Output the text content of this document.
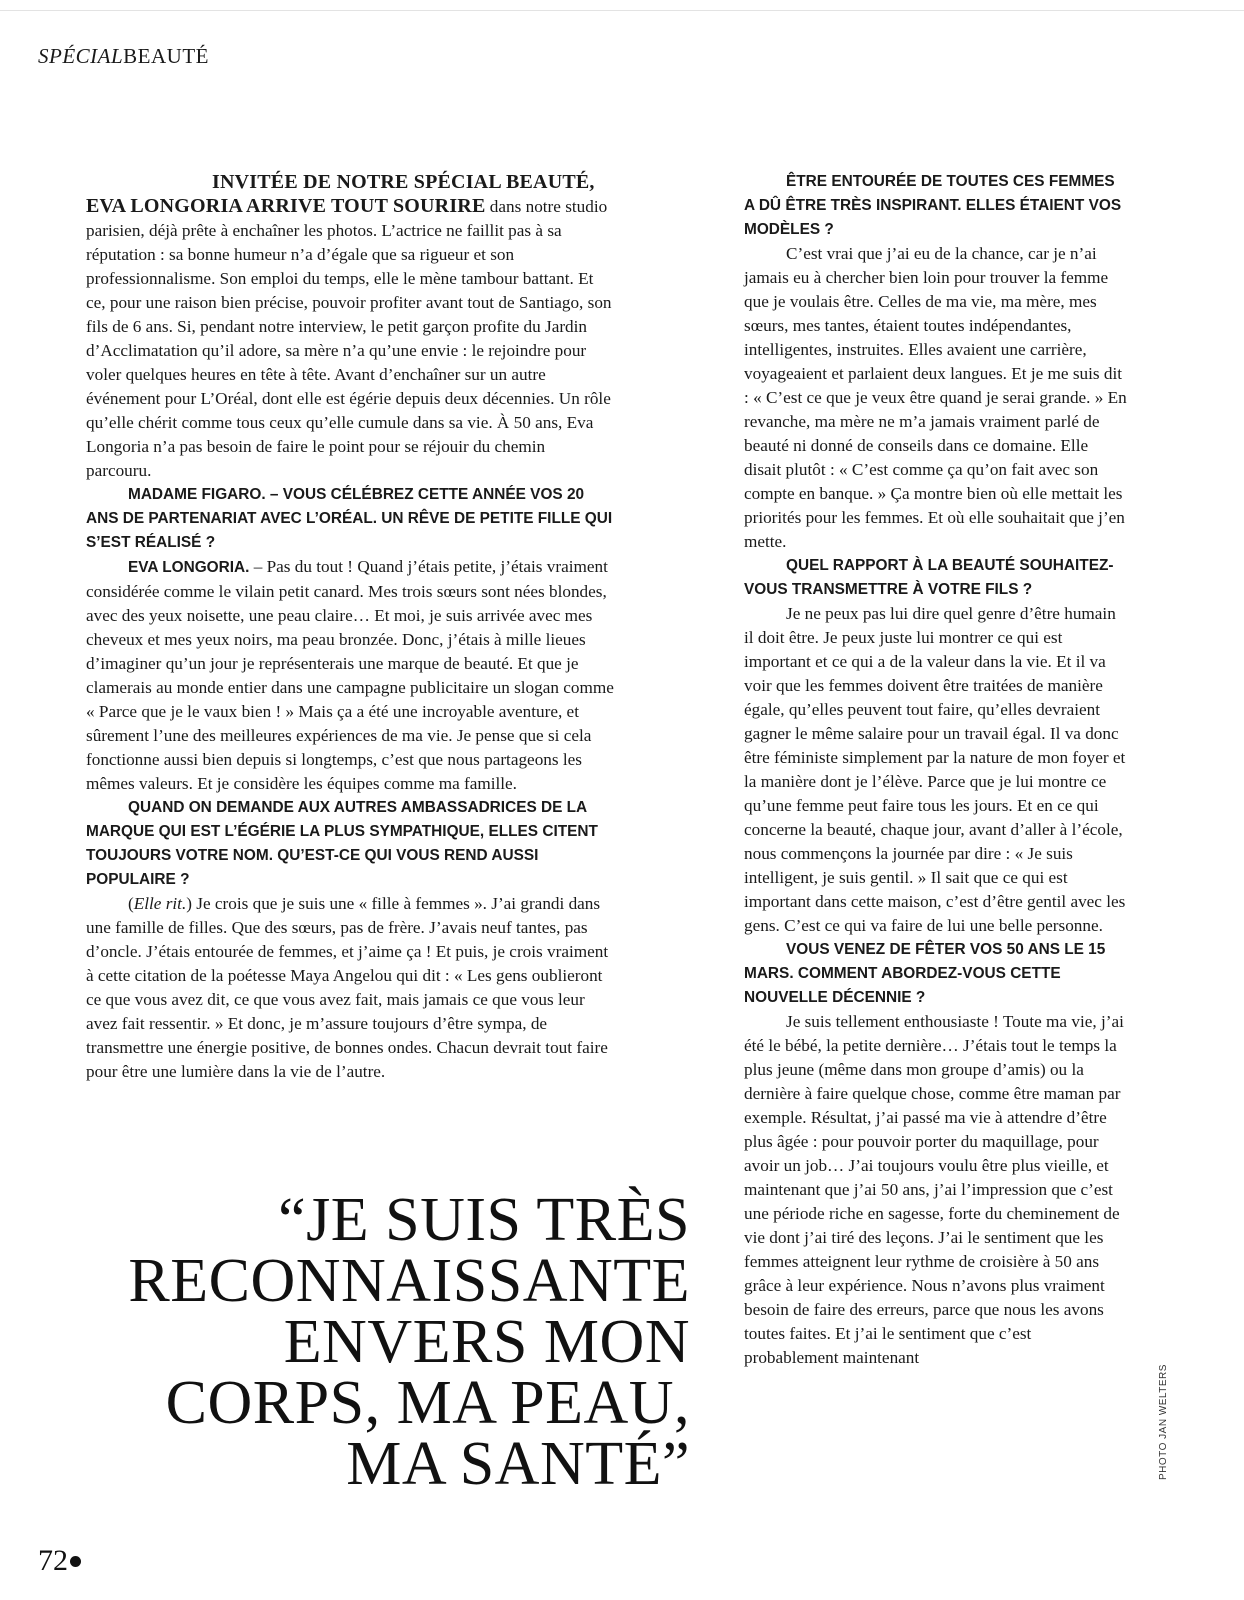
SPÉCIALBEAUTÉ

INVITÉE DE NOTRE SPÉCIAL BEAUTÉ,
EVA LONGORIA ARRIVE TOUT SOURIRE dans notre studio parisien, déjà prête à enchaîner les photos. L’actrice ne faillit pas à sa réputation : sa bonne humeur n’a d’égale que sa rigueur et son professionnalisme. Son emploi du temps, elle le mène tambour battant. Et ce, pour une raison bien précise, pouvoir profiter avant tout de Santiago, son fils de 6 ans. Si, pendant notre interview, le petit garçon profite du Jardin d’Acclimatation qu’il adore, sa mère n’a qu’une envie : le rejoindre pour voler quelques heures en tête à tête. Avant d’enchaîner sur un autre événement pour L’Oréal, dont elle est égérie depuis deux décennies. Un rôle qu’elle chérit comme tous ceux qu’elle cumule dans sa vie. À 50 ans, Eva Longoria n’a pas besoin de faire le point pour se réjouir du chemin parcouru.

MADAME FIGARO. – VOUS CÉLÉBREZ CETTE ANNÉE VOS 20 ANS DE PARTENARIAT AVEC L’ORÉAL. UN RÊVE DE PETITE FILLE QUI S’EST RÉALISÉ ?

EVA LONGORIA. – Pas du tout ! Quand j’étais petite, j’étais vraiment considérée comme le vilain petit canard. Mes trois sœurs sont nées blondes, avec des yeux noisette, une peau claire… Et moi, je suis arrivée avec mes cheveux et mes yeux noirs, ma peau bronzée. Donc, j’étais à mille lieues d’imaginer qu’un jour je représenterais une marque de beauté. Et que je clamerais au monde entier dans une campagne publicitaire un slogan comme « Parce que je le vaux bien ! » Mais ça a été une incroyable aventure, et sûrement l’une des meilleures expériences de ma vie. Je pense que si cela fonctionne aussi bien depuis si longtemps, c’est que nous partageons les mêmes valeurs. Et je considère les équipes comme ma famille.

QUAND ON DEMANDE AUX AUTRES AMBASSADRICES DE LA MARQUE QUI EST L’ÉGÉRIE LA PLUS SYMPATHIQUE, ELLES CITENT TOUJOURS VOTRE NOM. QU’EST-CE QUI VOUS REND AUSSI POPULAIRE ?

(Elle rit.) Je crois que je suis une « fille à femmes ». J’ai grandi dans une famille de filles. Que des sœurs, pas de frère. J’avais neuf tantes, pas d’oncle. J’étais entourée de femmes, et j’aime ça ! Et puis, je crois vraiment à cette citation de la poétesse Maya Angelou qui dit : « Les gens oublieront ce que vous avez dit, ce que vous avez fait, mais jamais ce que vous leur avez fait ressentir. » Et donc, je m’assure toujours d’être sympa, de transmettre une énergie positive, de bonnes ondes. Chacun devrait tout faire pour être une lumière dans la vie de l’autre.

“JE SUIS TRÈS
RECONNAISSANTE
ENVERS MON
CORPS, MA PEAU,
MA SANTÉ”

ÊTRE ENTOURÉE DE TOUTES CES FEMMES A DÛ ÊTRE TRÈS INSPIRANT. ELLES ÉTAIENT VOS MODÈLES ?

C’est vrai que j’ai eu de la chance, car je n’ai jamais eu à chercher bien loin pour trouver la femme que je voulais être. Celles de ma vie, ma mère, mes sœurs, mes tantes, étaient toutes indépendantes, intelligentes, instruites. Elles avaient une carrière, voyageaient et parlaient deux langues. Et je me suis dit : « C’est ce que je veux être quand je serai grande. » En revanche, ma mère ne m’a jamais vraiment parlé de beauté ni donné de conseils dans ce domaine. Elle disait plutôt : « C’est comme ça qu’on fait avec son compte en banque. » Ça montre bien où elle mettait les priorités pour les femmes. Et où elle souhaitait que j’en mette.

QUEL RAPPORT À LA BEAUTÉ SOUHAITEZ-VOUS TRANSMETTRE À VOTRE FILS ?

Je ne peux pas lui dire quel genre d’être humain il doit être. Je peux juste lui montrer ce qui est important et ce qui a de la valeur dans la vie. Et il va voir que les femmes doivent être traitées de manière égale, qu’elles peuvent tout faire, qu’elles devraient gagner le même salaire pour un travail égal. Il va donc être féministe simplement par la nature de mon foyer et la manière dont je l’élève. Parce que je lui montre ce qu’une femme peut faire tous les jours. Et en ce qui concerne la beauté, chaque jour, avant d’aller à l’école, nous commençons la journée par dire : « Je suis intelligent, je suis gentil. » Il sait que ce qui est important dans cette maison, c’est d’être gentil avec les gens. C’est ce qui va faire de lui une belle personne.

VOUS VENEZ DE FÊTER VOS 50 ANS LE 15 MARS. COMMENT ABORDEZ-VOUS CETTE NOUVELLE DÉCENNIE ?

Je suis tellement enthousiaste ! Toute ma vie, j’ai été le bébé, la petite dernière… J’étais tout le temps la plus jeune (même dans mon groupe d’amis) ou la dernière à faire quelque chose, comme être maman par exemple. Résultat, j’ai passé ma vie à attendre d’être plus âgée : pour pouvoir porter du maquillage, pour avoir un job… J’ai toujours voulu être plus vieille, et maintenant que j’ai 50 ans, j’ai l’impression que c’est une période riche en sagesse, forte du cheminement de vie dont j’ai tiré des leçons. J’ai le sentiment que les femmes atteignent leur rythme de croisière à 50 ans grâce à leur expérience. Nous n’avons plus vraiment besoin de faire des erreurs, parce que nous les avons toutes faites. Et j’ai le sentiment que c’est probablement maintenant

PHOTO JAN WELTERS
72
